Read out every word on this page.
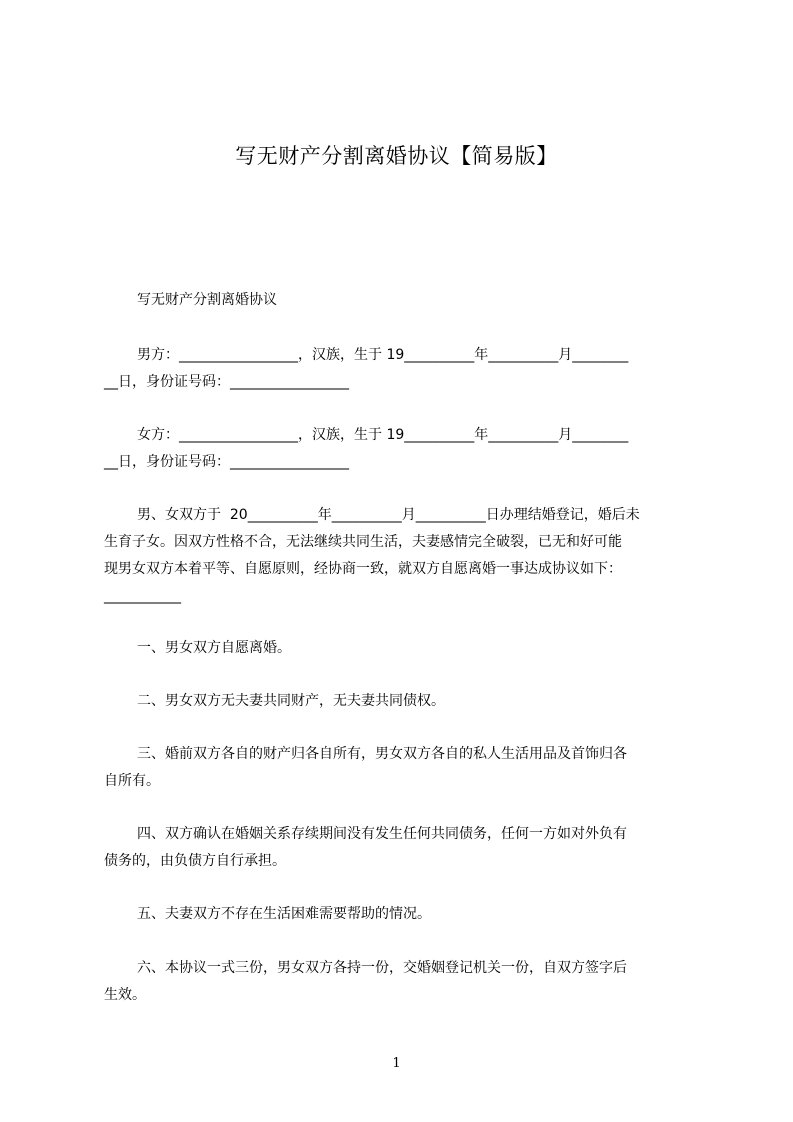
写无财产分割离婚协议【简易版】
写无财产分割离婚协议
男方：_________________，汉族，生于 19__________年__________月________
__日，身份证号码：_________________
女方：_________________，汉族，生于 19__________年__________月________
__日，身份证号码：_________________
男、女双方于  20__________年__________月__________日办理结婚登记，婚后未
生育子女。因双方性格不合，无法继续共同生活，夫妻感情完全破裂，已无和好可能
现男女双方本着平等、自愿原则，经协商一致，就双方自愿离婚一事达成协议如下：
___________
一、男女双方自愿离婚。
二、男女双方无夫妻共同财产，无夫妻共同债权。
三、婚前双方各自的财产归各自所有，男女双方各自的私人生活用品及首饰归各
自所有。
四、双方确认在婚姻关系存续期间没有发生任何共同债务，任何一方如对外负有
债务的，由负债方自行承担。
五、夫妻双方不存在生活困难需要帮助的情况。
六、本协议一式三份，男女双方各持一份，交婚姻登记机关一份，自双方签字后
生效。
1
